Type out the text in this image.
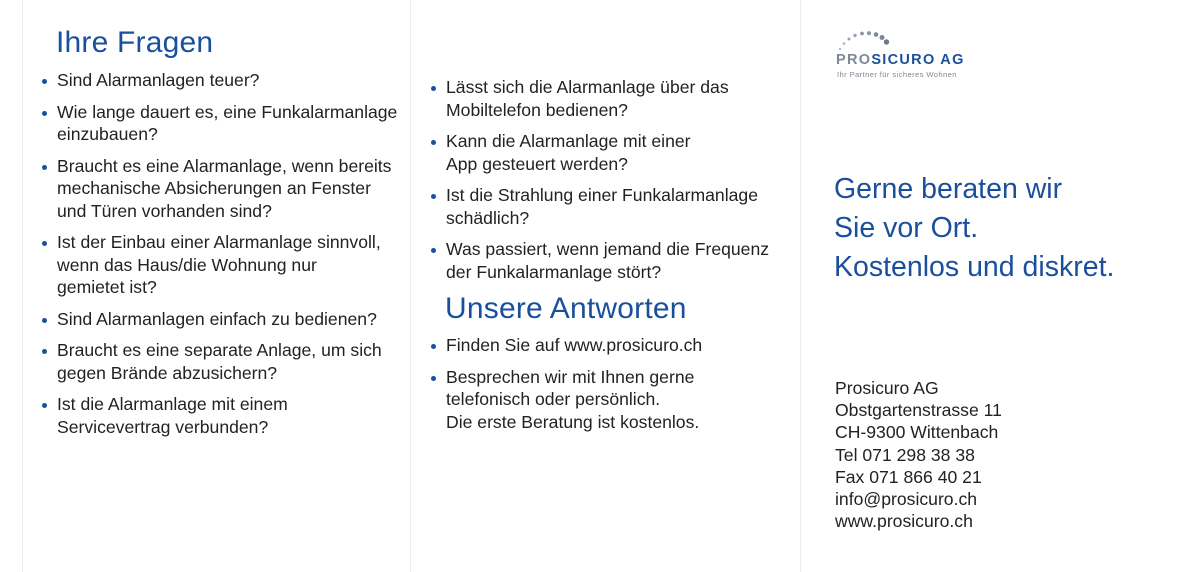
Ihre Fragen
Sind Alarmanlagen teuer?
Wie lange dauert es, eine Funkalarmanlage
einzubauen?
Braucht es eine Alarmanlage, wenn bereits
mechanische Absicherungen an Fenster
und Türen vorhanden sind?
Ist der Einbau einer Alarmanlage sinnvoll,
wenn das Haus/die Wohnung nur
gemietet ist?
Sind Alarmanlagen einfach zu bedienen?
Braucht es eine separate Anlage, um sich
gegen Brände abzusichern?
Ist die Alarmanlage mit einem
Servicevertrag verbunden?
Lässt sich die Alarmanlage über das
Mobiltelefon bedienen?
Kann die Alarmanlage mit einer
App gesteuert werden?
Ist die Strahlung einer Funkalarmanlage
schädlich?
Was passiert, wenn jemand die Frequenz
der Funkalarmanlage stört?
Unsere Antworten
Finden Sie auf www.prosicuro.ch
Besprechen wir mit Ihnen gerne
telefonisch oder persönlich.
Die erste Beratung ist kostenlos.
PROSICURO AG
Ihr Partner für sicheres Wohnen
Gerne beraten wir
Sie vor Ort.
Kostenlos und diskret.
Prosicuro AG
Obstgartenstrasse 11
CH-9300 Wittenbach
Tel 071 298 38 38
Fax 071 866 40 21
info@prosicuro.ch
www.prosicuro.ch
